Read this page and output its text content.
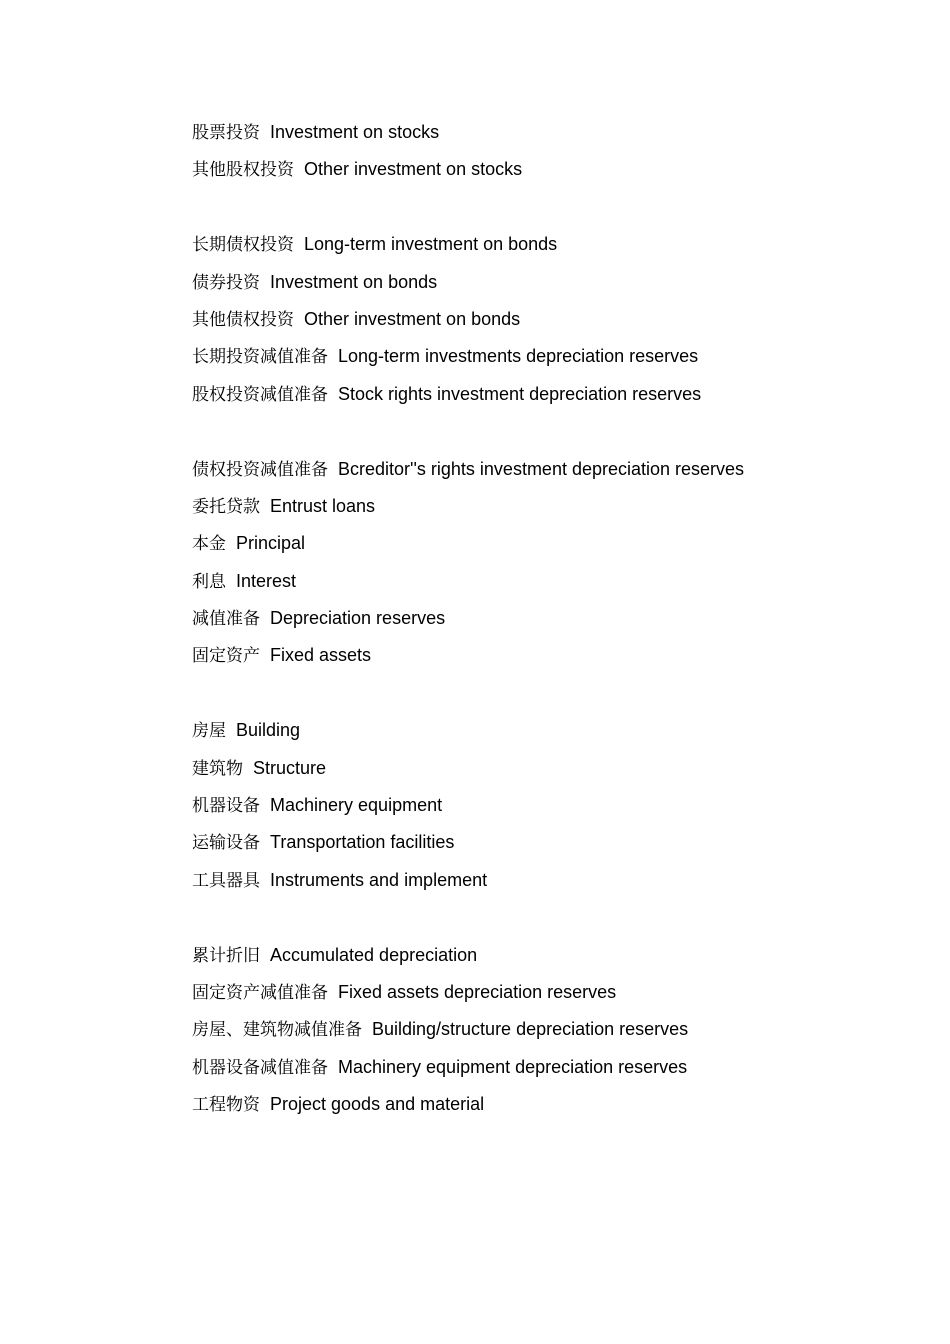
股票投资 Investment on stocks
其他股权投资 Other investment on stocks
长期债权投资 Long-term investment on bonds
债券投资 Investment on bonds
其他债权投资 Other investment on bonds
长期投资减值准备 Long-term investments depreciation reserves
股权投资减值准备 Stock rights investment depreciation reserves
债权投资减值准备 Bcreditor''s rights investment depreciation reserves
委托贷款 Entrust loans
本金 Principal
利息 Interest
减值准备 Depreciation reserves
固定资产 Fixed assets
房屋 Building
建筑物 Structure
机器设备 Machinery equipment
运输设备 Transportation facilities
工具器具 Instruments and implement
累计折旧 Accumulated depreciation
固定资产减值准备 Fixed assets depreciation reserves
房屋、建筑物减值准备 Building/structure depreciation reserves
机器设备减值准备 Machinery equipment depreciation reserves
工程物资 Project goods and material
